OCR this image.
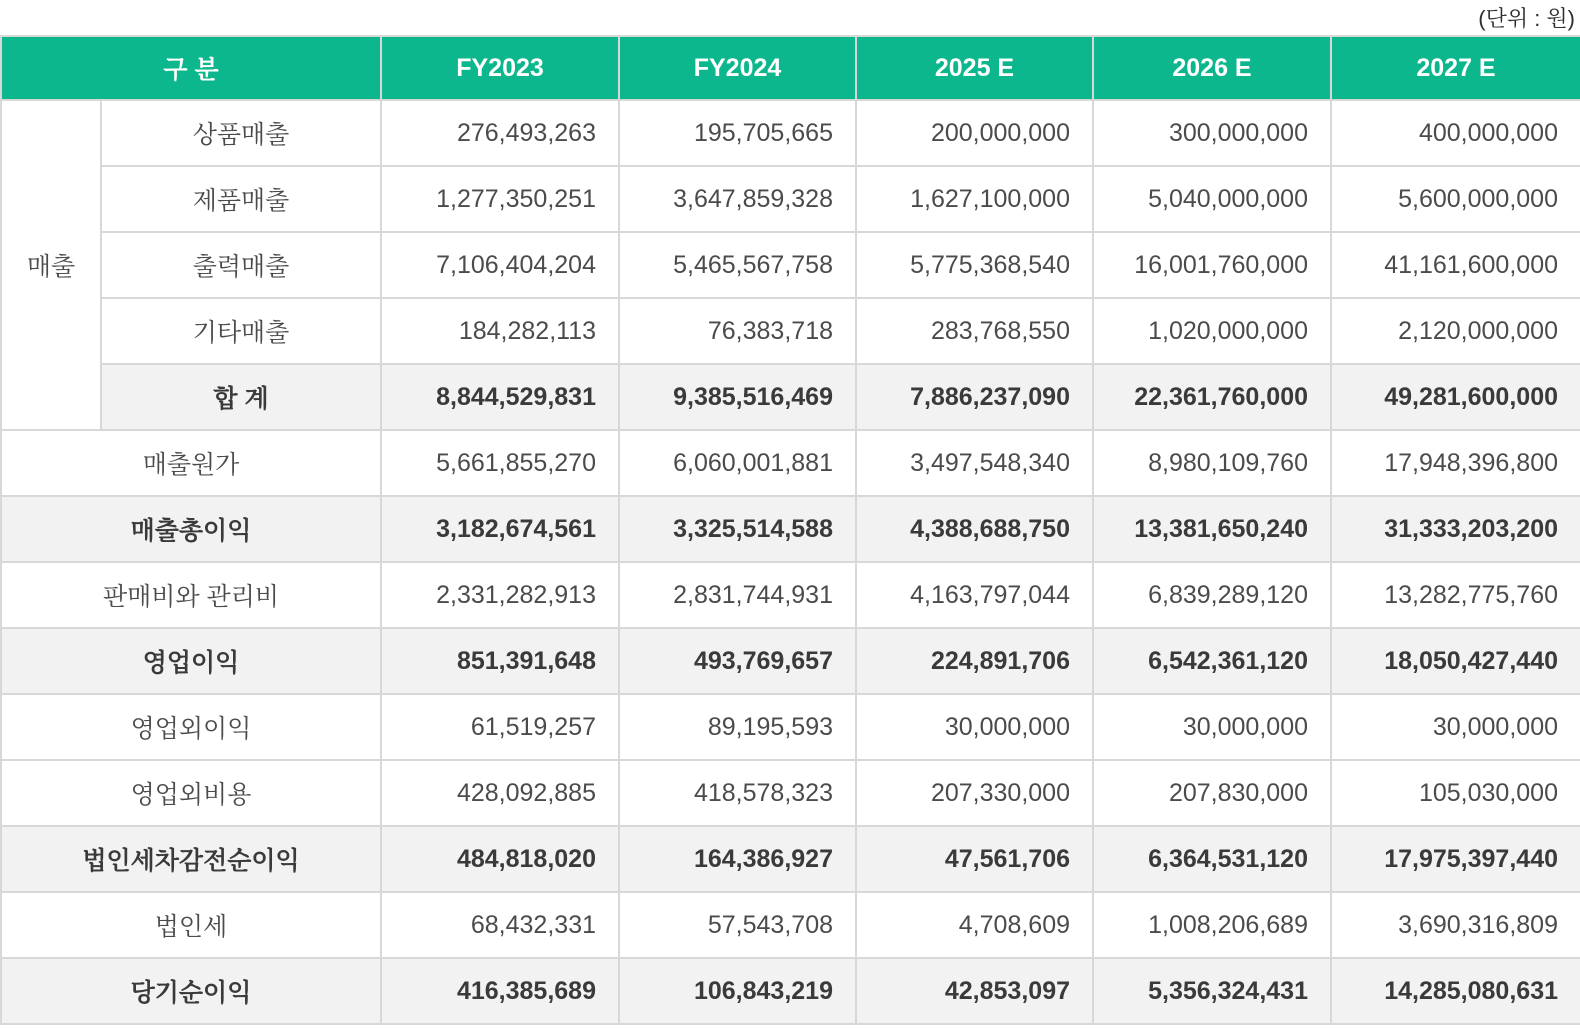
(단위 : 원)
구 분		FY2023	FY2024	2025 E	2026 E	2027 E
매출	상품매출	276,493,263	195,705,665	200,000,000	300,000,000	400,000,000
	제품매출	1,277,350,251	3,647,859,328	1,627,100,000	5,040,000,000	5,600,000,000
	출력매출	7,106,404,204	5,465,567,758	5,775,368,540	16,001,760,000	41,161,600,000
	기타매출	184,282,113	76,383,718	283,768,550	1,020,000,000	2,120,000,000
	합 계	8,844,529,831	9,385,516,469	7,886,237,090	22,361,760,000	49,281,600,000
매출원가		5,661,855,270	6,060,001,881	3,497,548,340	8,980,109,760	17,948,396,800
매출총이익		3,182,674,561	3,325,514,588	4,388,688,750	13,381,650,240	31,333,203,200
판매비와 관리비		2,331,282,913	2,831,744,931	4,163,797,044	6,839,289,120	13,282,775,760
영업이익		851,391,648	493,769,657	224,891,706	6,542,361,120	18,050,427,440
영업외이익		61,519,257	89,195,593	30,000,000	30,000,000	30,000,000
영업외비용		428,092,885	418,578,323	207,330,000	207,830,000	105,030,000
법인세차감전순이익		484,818,020	164,386,927	47,561,706	6,364,531,120	17,975,397,440
법인세		68,432,331	57,543,708	4,708,609	1,008,206,689	3,690,316,809
당기순이익		416,385,689	106,843,219	42,853,097	5,356,324,431	14,285,080,631
